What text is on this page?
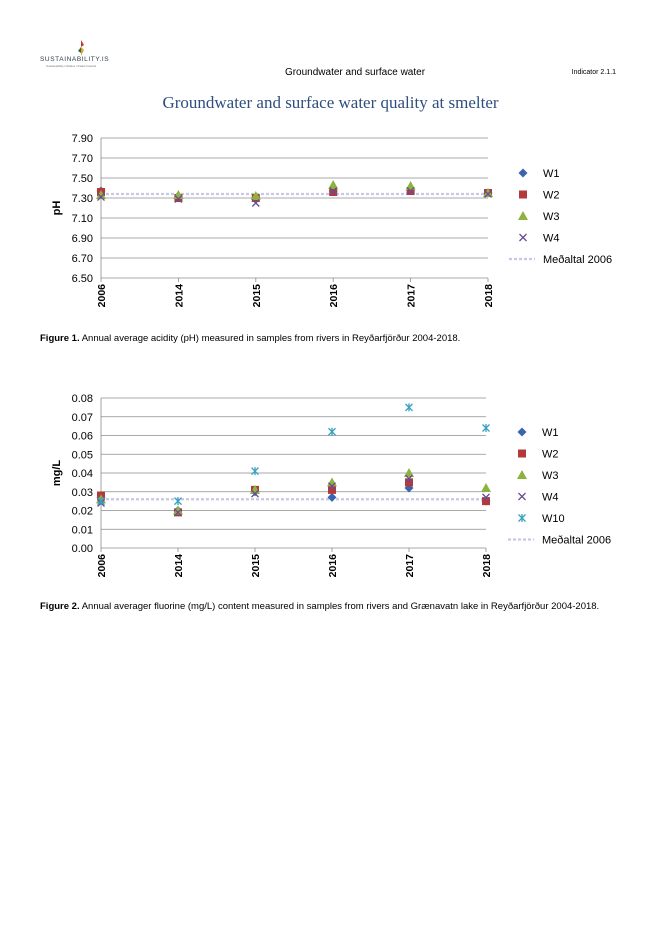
SUSTAINABILITY.IS
Sustainability initiative of East Iceland
Groundwater and surface water	Indicator 2.1.1
Groundwater and surface water quality at smelter
7.90
7.70
7.50
7.30
7.10
6.90
6.70
6.50
2006	2014	2015	2016	2017	2018
pH
W1
W2
W3
W4
Meðaltal 2006
0.08
0.07
0.06
0.05
0.04
0.03
0.02
0.01
0.00
2006	2014	2015	2016	2017	2018
mg/L
W1
W2
W3
W4
W10
Meðaltal 2006
Figure 1. Annual average acidity (pH) measured in samples from rivers in Reyðarfjörður 2004-2018.
Figure 2. Annual averager fluorine (mg/L) content measured in samples from rivers and Grænavatn lake in Reyðarfjörður 2004-2018.
